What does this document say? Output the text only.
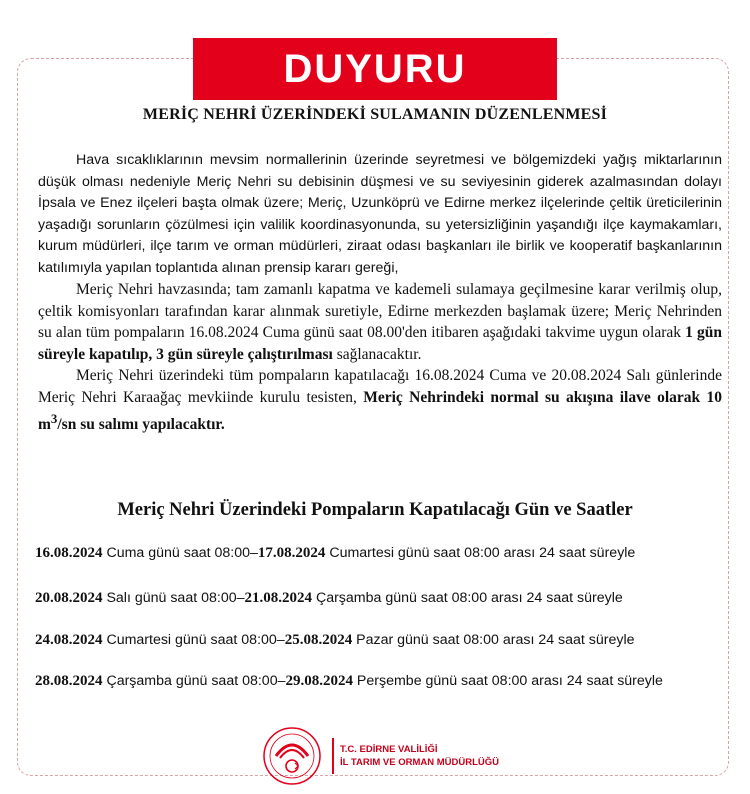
DUYURU
MERİÇ NEHRİ ÜZERİNDEKİ SULAMANIN DÜZENLENMESİ

Hava sıcaklıklarının mevsim normallerinin üzerinde seyretmesi ve bölgemizdeki yağış miktarlarının düşük olması nedeniyle Meriç Nehri su debisinin düşmesi ve su seviyesinin giderek azalmasından dolayı İpsala ve Enez ilçeleri başta olmak üzere; Meriç, Uzunköprü ve Edirne merkez ilçelerinde çeltik üreticilerinin yaşadığı sorunların çözülmesi için valilik koordinasyonunda, su yetersizliğinin yaşandığı ilçe kaymakamları, kurum müdürleri, ilçe tarım ve orman müdürleri, ziraat odası başkanları ile birlik ve kooperatif başkanlarının katılımıyla yapılan toplantıda alınan prensip kararı gereği,

Meriç Nehri havzasında; tam zamanlı kapatma ve kademeli sulamaya geçilmesine karar verilmiş olup, çeltik komisyonları tarafından karar alınmak suretiyle, Edirne merkezden başlamak üzere; Meriç Nehrinden su alan tüm pompaların 16.08.2024 Cuma günü saat 08.00'den itibaren aşağıdaki takvime uygun olarak 1 gün süreyle kapatılıp, 3 gün süreyle çalıştırılması sağlanacaktır.

Meriç Nehri üzerindeki tüm pompaların kapatılacağı 16.08.2024 Cuma ve 20.08.2024 Salı günlerinde Meriç Nehri Karaağaç mevkiinde kurulu tesisten, Meriç Nehrindeki normal su akışına ilave olarak 10 $m^3/sn$ su salımı yapılacaktır.

Meriç Nehri Üzerindeki Pompaların Kapatılacağı Gün ve Saatler
16.08.2024 Cuma günü saat 08:00–17.08.2024 Cumartesi günü saat 08:00 arası 24 saat süreyle
20.08.2024 Salı günü saat 08:00–21.08.2024 Çarşamba günü saat 08:00 arası 24 saat süreyle
24.08.2024 Cumartesi günü saat 08:00–25.08.2024 Pazar günü saat 08:00 arası 24 saat süreyle
28.08.2024 Çarşamba günü saat 08:00–29.08.2024 Perşembe günü saat 08:00 arası 24 saat süreyle
T.C. EDİRNE VALİLİĞİ
İL TARIM VE ORMAN MÜDÜRLÜĞÜ
